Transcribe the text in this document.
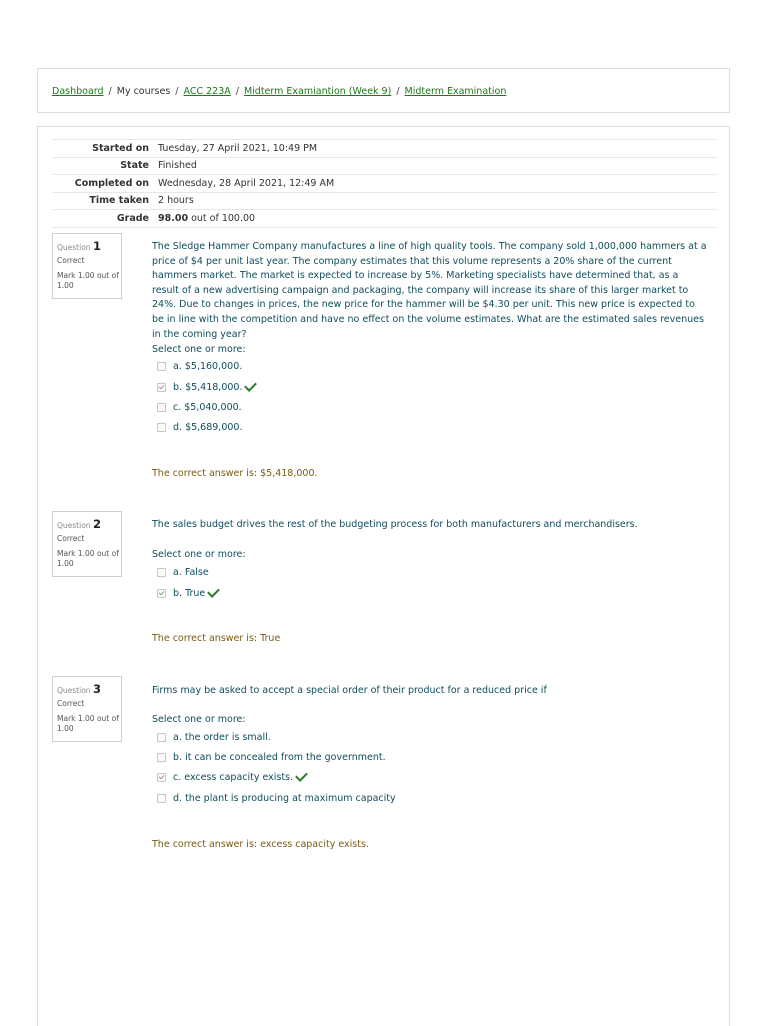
Dashboard / My courses / ACC 223A / Midterm Examiantion (Week 9) / Midterm Examination
Started on	Tuesday, 27 April 2021, 10:49 PM
State	Finished
Completed on	Wednesday, 28 April 2021, 12:49 AM
Time taken	2 hours
Grade	98.00 out of 100.00
Question 1
Correct
Mark 1.00 out of 1.00
The Sledge Hammer Company manufactures a line of high quality tools. The company sold 1,000,000 hammers at a price of $4 per unit last year. The company estimates that this volume represents a 20% share of the current hammers market. The market is expected to increase by 5%. Marketing specialists have determined that, as a result of a new advertising campaign and packaging, the company will increase its share of this larger market to 24%. Due to changes in prices, the new price for the hammer will be $4.30 per unit. This new price is expected to be in line with the competition and have no effect on the volume estimates. What are the estimated sales revenues in the coming year?
Select one or more:
a. $5,160,000.
b. $5,418,000.
c. $5,040,000.
d. $5,689,000.
The correct answer is: $5,418,000.
Question 2
Correct
Mark 1.00 out of 1.00
The sales budget drives the rest of the budgeting process for both manufacturers and merchandisers.
Select one or more:
a. False
b. True
The correct answer is: True
Question 3
Correct
Mark 1.00 out of 1.00
Firms may be asked to accept a special order of their product for a reduced price if
Select one or more:
a. the order is small.
b. it can be concealed from the government.
c. excess capacity exists.
d. the plant is producing at maximum capacity
The correct answer is: excess capacity exists.
